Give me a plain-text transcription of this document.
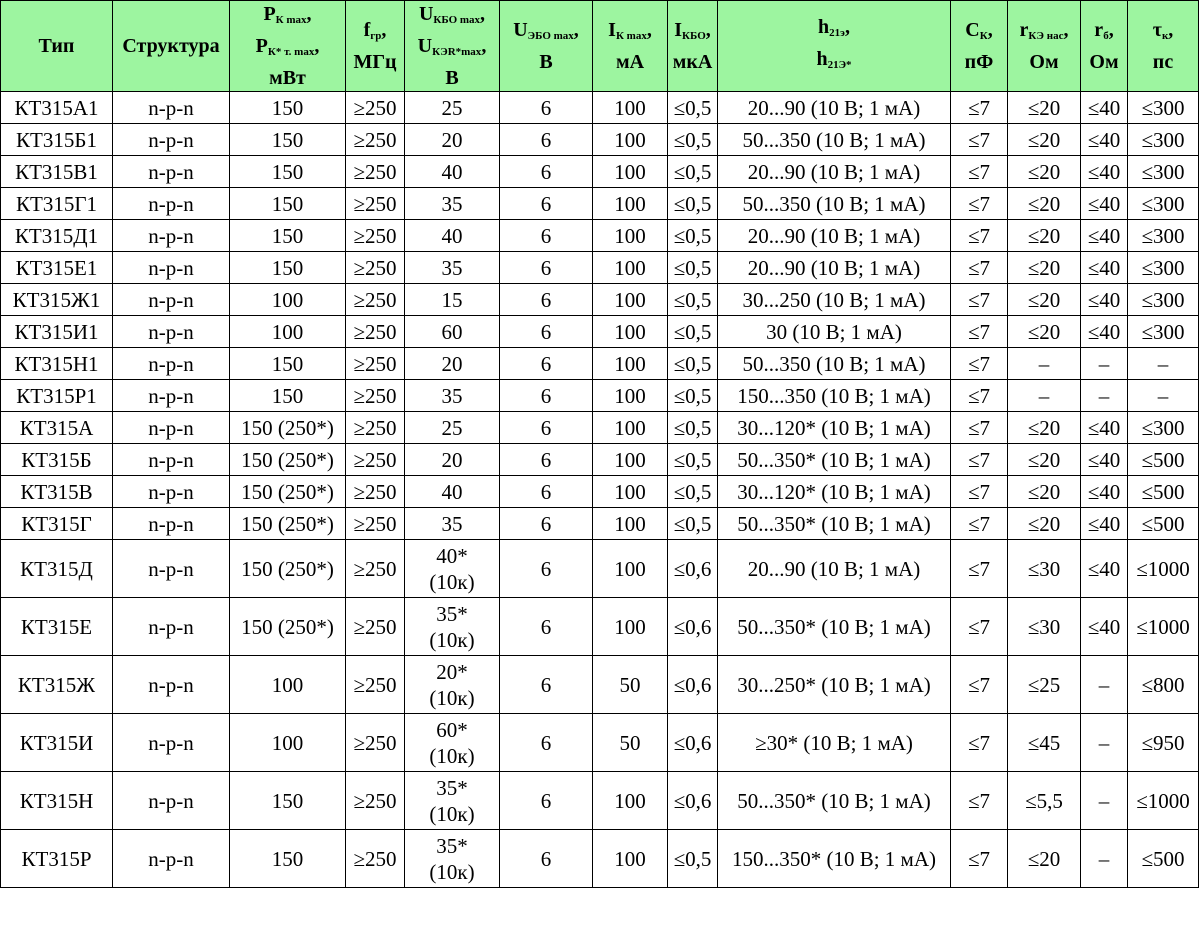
Тип	Структура	$P_{К max}$,
$P_{К* т. max}$,
мВт	$f_{гр}$,
МГц	$U_{КБО max}$,
$U_{КЭR*max}$,
В	$U_{ЭБО max}$,
В	$I_{К max}$,
мА	$I_{КБО}$,
мкА	$h_{21э}$,
$h_{21Э*}$	$C_К$,
пФ	$r_{КЭ нас}$,
Ом	$r_б$,
Ом	$\tau_к$,
пс

КТ315А1	n-p-n	150	≥250	25	6	100	≤0,5	20...90 (10 В; 1 мА)	≤7	≤20	≤40	≤300
КТ315Б1	n-p-n	150	≥250	20	6	100	≤0,5	50...350 (10 В; 1 мА)	≤7	≤20	≤40	≤300
КТ315В1	n-p-n	150	≥250	40	6	100	≤0,5	20...90 (10 В; 1 мА)	≤7	≤20	≤40	≤300
КТ315Г1	n-p-n	150	≥250	35	6	100	≤0,5	50...350 (10 В; 1 мА)	≤7	≤20	≤40	≤300
КТ315Д1	n-p-n	150	≥250	40	6	100	≤0,5	20...90 (10 В; 1 мА)	≤7	≤20	≤40	≤300
КТ315Е1	n-p-n	150	≥250	35	6	100	≤0,5	20...90 (10 В; 1 мА)	≤7	≤20	≤40	≤300
КТ315Ж1	n-p-n	100	≥250	15	6	100	≤0,5	30...250 (10 В; 1 мА)	≤7	≤20	≤40	≤300
КТ315И1	n-p-n	100	≥250	60	6	100	≤0,5	30 (10 В; 1 мА)	≤7	≤20	≤40	≤300
КТ315Н1	n-p-n	150	≥250	20	6	100	≤0,5	50...350 (10 В; 1 мА)	≤7	–	–	–
КТ315Р1	n-p-n	150	≥250	35	6	100	≤0,5	150...350 (10 В; 1 мА)	≤7	–	–	–
КТ315А	n-p-n	150 (250*)	≥250	25	6	100	≤0,5	30...120* (10 В; 1 мА)	≤7	≤20	≤40	≤300
КТ315Б	n-p-n	150 (250*)	≥250	20	6	100	≤0,5	50...350* (10 В; 1 мА)	≤7	≤20	≤40	≤500
КТ315В	n-p-n	150 (250*)	≥250	40	6	100	≤0,5	30...120* (10 В; 1 мА)	≤7	≤20	≤40	≤500
КТ315Г	n-p-n	150 (250*)	≥250	35	6	100	≤0,5	50...350* (10 В; 1 мА)	≤7	≤20	≤40	≤500
КТ315Д	n-p-n	150 (250*)	≥250	40*
(10к)	6	100	≤0,6	20...90 (10 В; 1 мА)	≤7	≤30	≤40	≤1000
КТ315Е	n-p-n	150 (250*)	≥250	35*
(10к)	6	100	≤0,6	50...350* (10 В; 1 мА)	≤7	≤30	≤40	≤1000
КТ315Ж	n-p-n	100	≥250	20*
(10к)	6	50	≤0,6	30...250* (10 В; 1 мА)	≤7	≤25	–	≤800
КТ315И	n-p-n	100	≥250	60*
(10к)	6	50	≤0,6	≥30* (10 В; 1 мА)	≤7	≤45	–	≤950
КТ315Н	n-p-n	150	≥250	35*
(10к)	6	100	≤0,6	50...350* (10 В; 1 мА)	≤7	≤5,5	–	≤1000
КТ315Р	n-p-n	150	≥250	35*
(10к)	6	100	≤0,5	150...350* (10 В; 1 мА)	≤7	≤20	–	≤500
